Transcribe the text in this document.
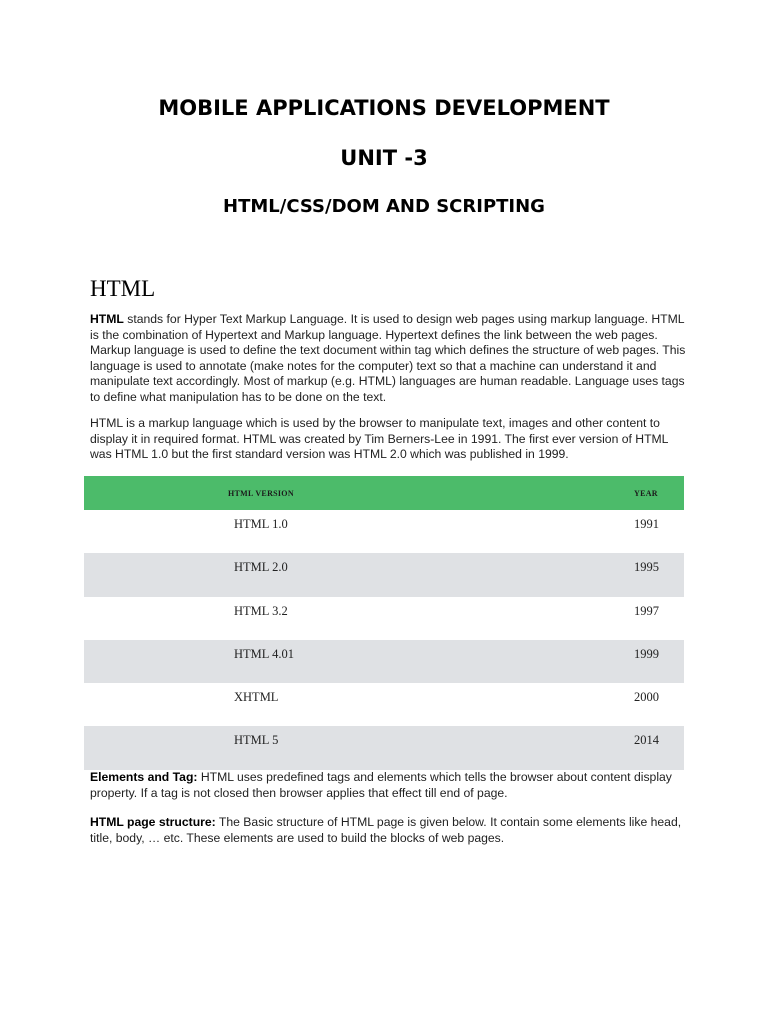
MOBILE APPLICATIONS DEVELOPMENT
UNIT -3
HTML/CSS/DOM AND SCRIPTING
HTML

HTML stands for Hyper Text Markup Language. It is used to design web pages using markup language. HTML is the combination of Hypertext and Markup language. Hypertext defines the link between the web pages. Markup language is used to define the text document within tag which defines the structure of web pages. This language is used to annotate (make notes for the computer) text so that a machine can understand it and manipulate text accordingly. Most of markup (e.g. HTML) languages are human readable. Language uses tags to define what manipulation has to be done on the text.

HTML is a markup language which is used by the browser to manipulate text, images and other content to display it in required format. HTML was created by Tim Berners-Lee in 1991. The first ever version of HTML was HTML 1.0 but the first standard version was HTML 2.0 which was published in 1999.

HTML VERSION	YEAR
HTML 1.0	1991
HTML 2.0	1995
HTML 3.2	1997
HTML 4.01	1999
XHTML	2000
HTML 5	2014

Elements and Tag: HTML uses predefined tags and elements which tells the browser about content display property. If a tag is not closed then browser applies that effect till end of page.

HTML page structure: The Basic structure of HTML page is given below. It contain some elements like head, title, body, … etc. These elements are used to build the blocks of web pages.
